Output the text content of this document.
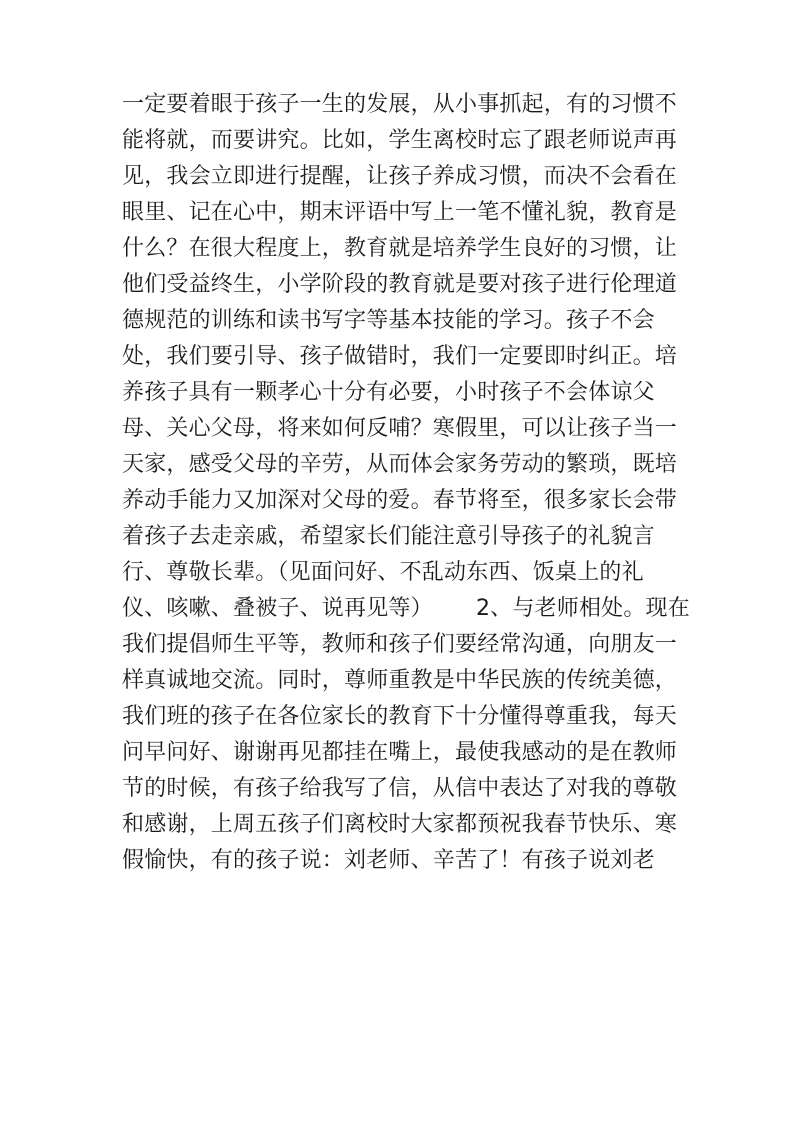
一定要着眼于孩子一生的发展，从小事抓起，有的习惯不
能将就，而要讲究。比如，学生离校时忘了跟老师说声再
见，我会立即进行提醒，让孩子养成习惯，而决不会看在
眼里、记在心中，期末评语中写上一笔不懂礼貌，教育是
什么？在很大程度上，教育就是培养学生良好的习惯，让
他们受益终生，小学阶段的教育就是要对孩子进行伦理道
德规范的训练和读书写字等基本技能的学习。孩子不会
处，我们要引导、孩子做错时，我们一定要即时纠正。培
养孩子具有一颗孝心十分有必要，小时孩子不会体谅父
母、关心父母，将来如何反哺？寒假里，可以让孩子当一
天家，感受父母的辛劳，从而体会家务劳动的繁琐，既培
养动手能力又加深对父母的爱。春节将至，很多家长会带
着孩子去走亲戚，希望家长们能注意引导孩子的礼貌言
行、尊敬长辈。（见面问好、不乱动东西、饭桌上的礼
仪、咳嗽、叠被子、说再见等）      2、与老师相处。现在
我们提倡师生平等，教师和孩子们要经常沟通，向朋友一
样真诚地交流。同时，尊师重教是中华民族的传统美德，
我们班的孩子在各位家长的教育下十分懂得尊重我，每天
问早问好、谢谢再见都挂在嘴上，最使我感动的是在教师
节的时候，有孩子给我写了信，从信中表达了对我的尊敬
和感谢，上周五孩子们离校时大家都预祝我春节快乐、寒
假愉快，有的孩子说：刘老师、辛苦了！有孩子说刘老
